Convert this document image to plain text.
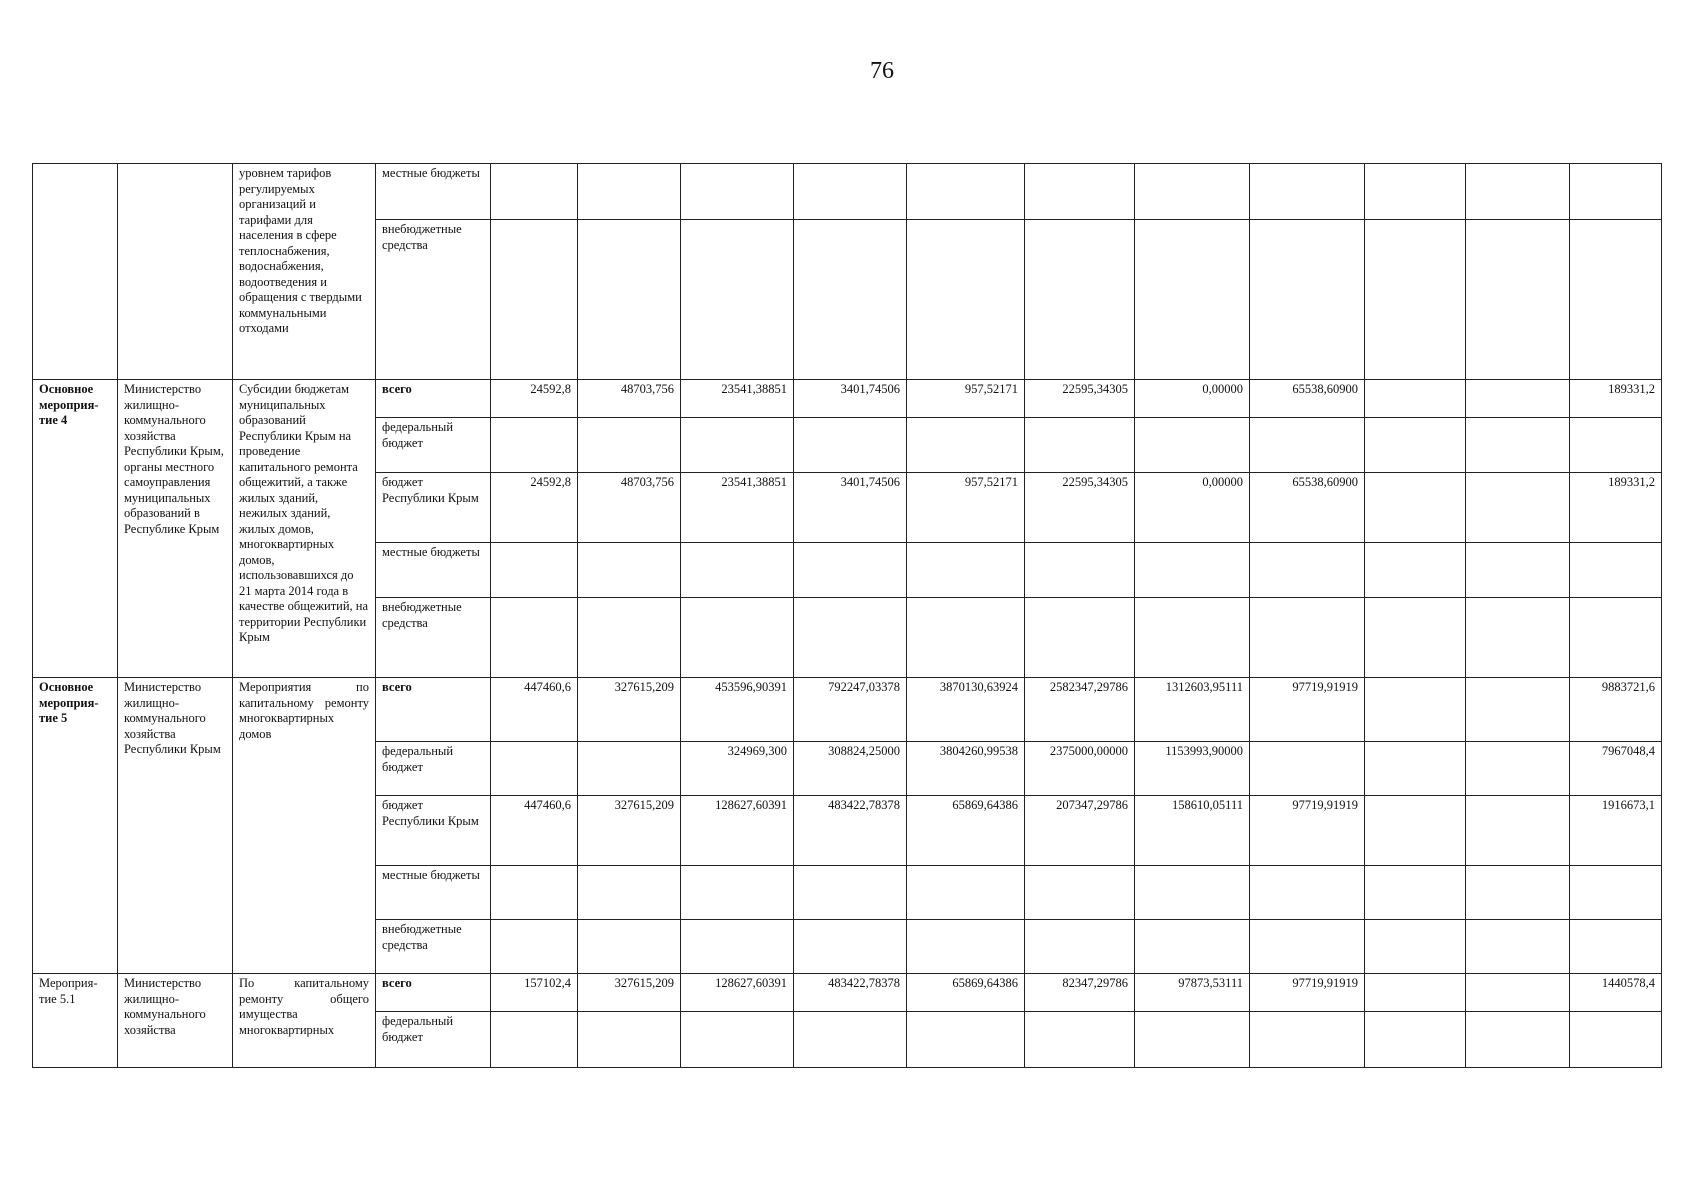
76
		уровнем тарифов регулируемых организаций и тарифами для населения в сфере теплоснабжения, водоснабжения, водоотведения и обращения с твердыми коммунальными отходами	местные бюджеты											
			внебюджетные средства											
Основное мероприя-тие 4	Министерство жилищно-коммунального хозяйства Республики Крым, органы местного самоуправления муниципальных образований в Республике Крым	Субсидии бюджетам муниципальных образований Республики Крым на проведение капитального ремонта общежитий, а также жилых зданий, нежилых зданий, жилых домов, многоквартирных домов, использовавшихся до 21 марта 2014 года в качестве общежитий, на территории Республики Крым	всего	24592,8	48703,756	23541,38851	3401,74506	957,52171	22595,34305	0,00000	65538,60900			189331,2
			федеральный бюджет											
			бюджет Республики Крым	24592,8	48703,756	23541,38851	3401,74506	957,52171	22595,34305	0,00000	65538,60900			189331,2
			местные бюджеты											
			внебюджетные средства											
Основное мероприя-тие 5	Министерство жилищно-коммунального хозяйства Республики Крым	Мероприятия по капитальному ремонту многоквартирных домов	всего	447460,6	327615,209	453596,90391	792247,03378	3870130,63924	2582347,29786	1312603,95111	97719,91919			9883721,6
			федеральный бюджет			324969,300	308824,25000	3804260,99538	2375000,00000	1153993,90000				7967048,4
			бюджет Республики Крым	447460,6	327615,209	128627,60391	483422,78378	65869,64386	207347,29786	158610,05111	97719,91919			1916673,1
			местные бюджеты											
			внебюджетные средства											
Мероприя-тие 5.1	Министерство жилищно-коммунального хозяйства	По капитальному ремонту общего имущества многоквартирных	всего	157102,4	327615,209	128627,60391	483422,78378	65869,64386	82347,29786	97873,53111	97719,91919			1440578,4
			федеральный бюджет											
